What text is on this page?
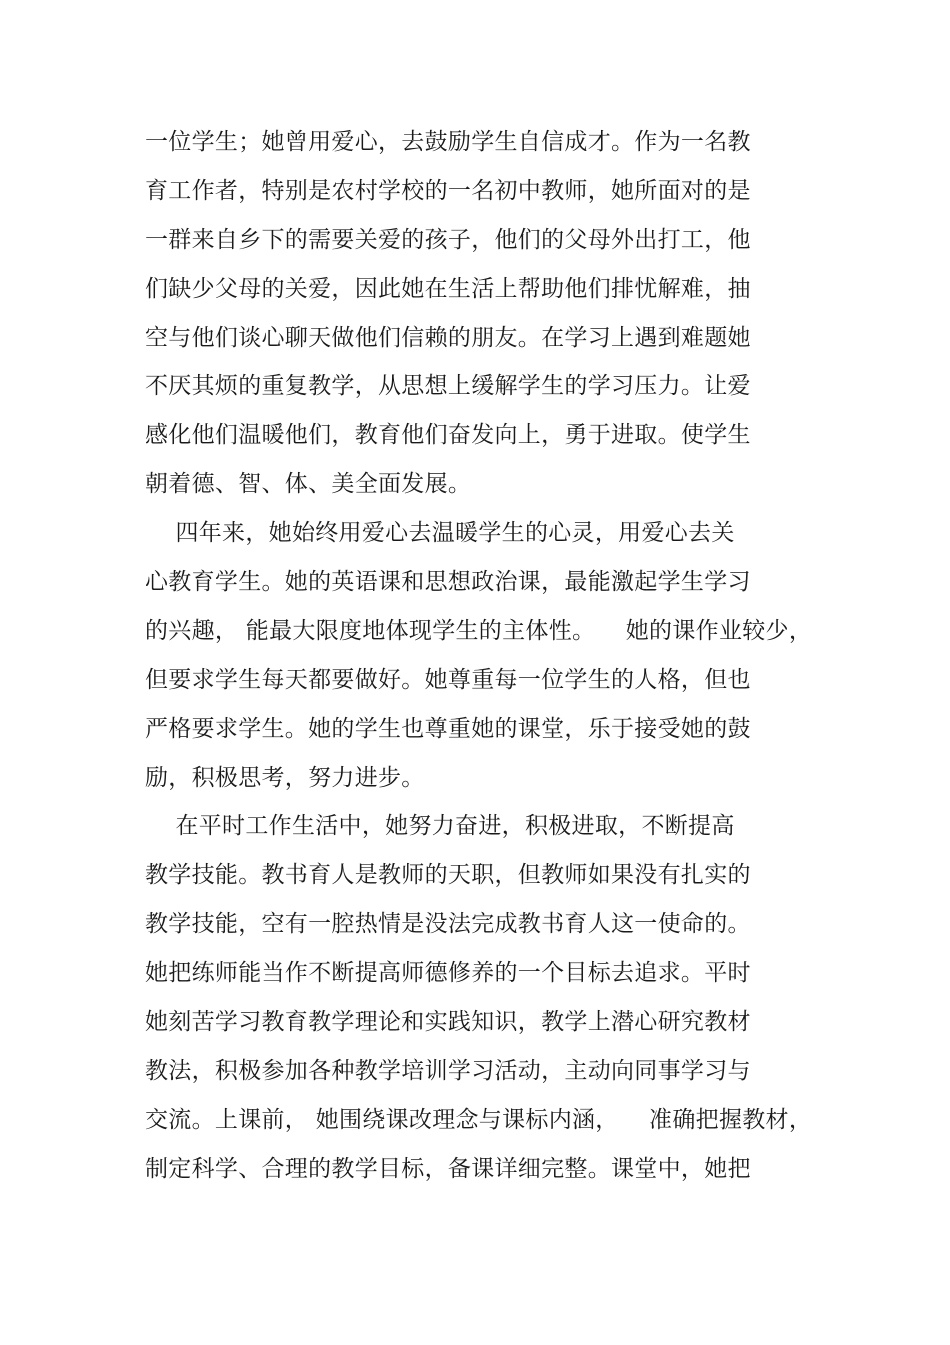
一位学生；她曾用爱心，去鼓励学生自信成才。作为一名教
育工作者，特别是农村学校的一名初中教师，她所面对的是
一群来自乡下的需要关爱的孩子，他们的父母外出打工，他
们缺少父母的关爱，因此她在生活上帮助他们排忧解难，抽
空与他们谈心聊天做他们信赖的朋友。在学习上遇到难题她
不厌其烦的重复教学，从思想上缓解学生的学习压力。让爱
感化他们温暖他们，教育他们奋发向上，勇于进取。使学生
朝着德、智、体、美全面发展。
四年来，她始终用爱心去温暖学生的心灵，用爱心去关
心教育学生。她的英语课和思想政治课，最能激起学生学习
的兴趣， 能最大限度地体现学生的主体性。    她的课作业较少，
但要求学生每天都要做好。她尊重每一位学生的人格，但也
严格要求学生。她的学生也尊重她的课堂，乐于接受她的鼓
励，积极思考，努力进步。
在平时工作生活中，她努力奋进，积极进取，不断提高
教学技能。教书育人是教师的天职，但教师如果没有扎实的
教学技能，空有一腔热情是没法完成教书育人这一使命的。
她把练师能当作不断提高师德修养的一个目标去追求。平时
她刻苦学习教育教学理论和实践知识，教学上潜心研究教材
教法，积极参加各种教学培训学习活动，主动向同事学习与
交流。上课前， 她围绕课改理念与课标内涵，    准确把握教材，
制定科学、合理的教学目标，备课详细完整。课堂中，她把
